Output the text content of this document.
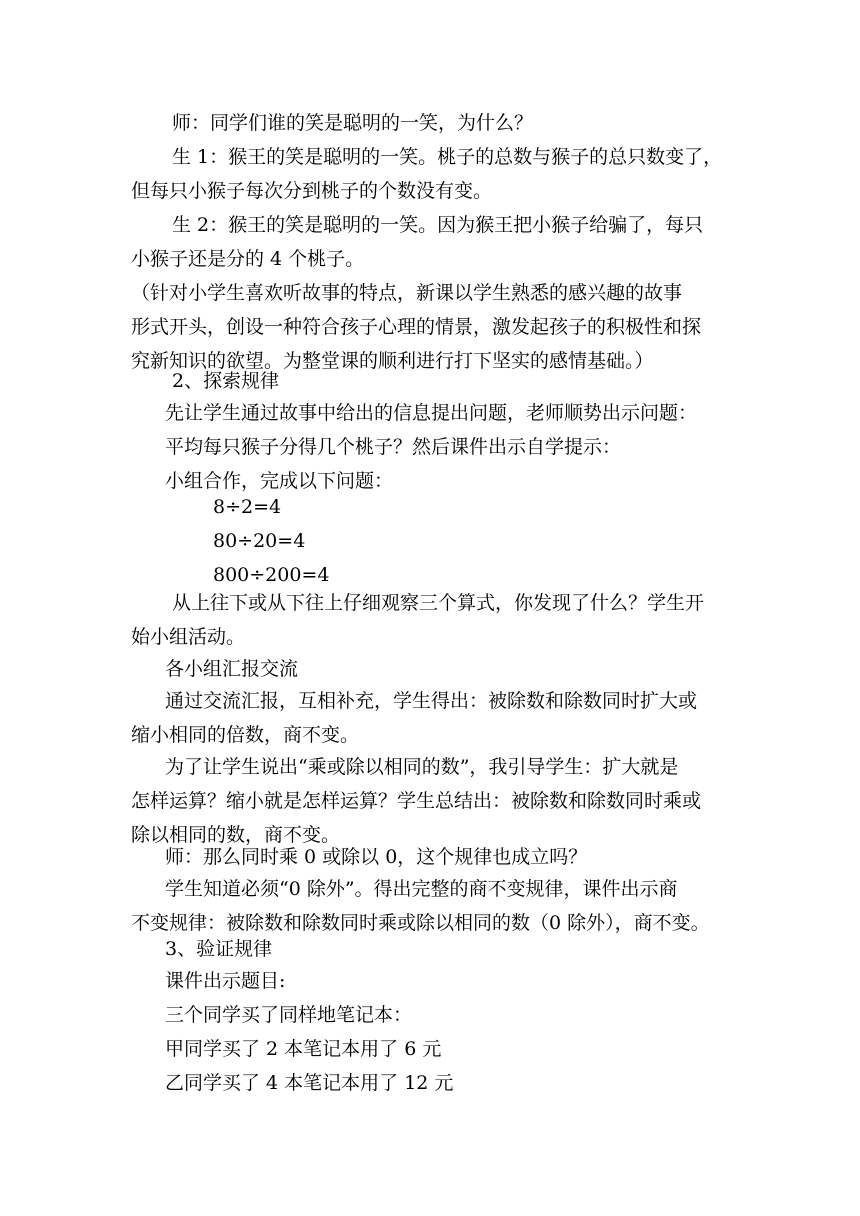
师：同学们谁的笑是聪明的一笑，为什么？
生 1：猴王的笑是聪明的一笑。桃子的总数与猴子的总只数变了，
但每只小猴子每次分到桃子的个数没有变。
生 2：猴王的笑是聪明的一笑。因为猴王把小猴子给骗了，每只
小猴子还是分的 4 个桃子。
（针对小学生喜欢听故事的特点，新课以学生熟悉的感兴趣的故事
形式开头，创设一种符合孩子心理的情景，激发起孩子的积极性和探
究新知识的欲望。为整堂课的顺利进行打下坚实的感情基础。）
2、探索规律
先让学生通过故事中给出的信息提出问题，老师顺势出示问题：
平均每只猴子分得几个桃子？然后课件出示自学提示：
小组合作，完成以下问题：
8÷2=4
80÷20=4
800÷200=4
从上往下或从下往上仔细观察三个算式，你发现了什么？学生开
始小组活动。
各小组汇报交流
通过交流汇报，互相补充，学生得出：被除数和除数同时扩大或
缩小相同的倍数，商不变。
为了让学生说出“乘或除以相同的数”，我引导学生：扩大就是
怎样运算？缩小就是怎样运算？学生总结出：被除数和除数同时乘或
除以相同的数，商不变。
师：那么同时乘 0 或除以 0，这个规律也成立吗？
学生知道必须“0 除外”。得出完整的商不变规律，课件出示商
不变规律：被除数和除数同时乘或除以相同的数（0 除外），商不变。
3、验证规律
课件出示题目:
三个同学买了同样地笔记本：
甲同学买了 2 本笔记本用了 6 元
乙同学买了 4 本笔记本用了 12 元
